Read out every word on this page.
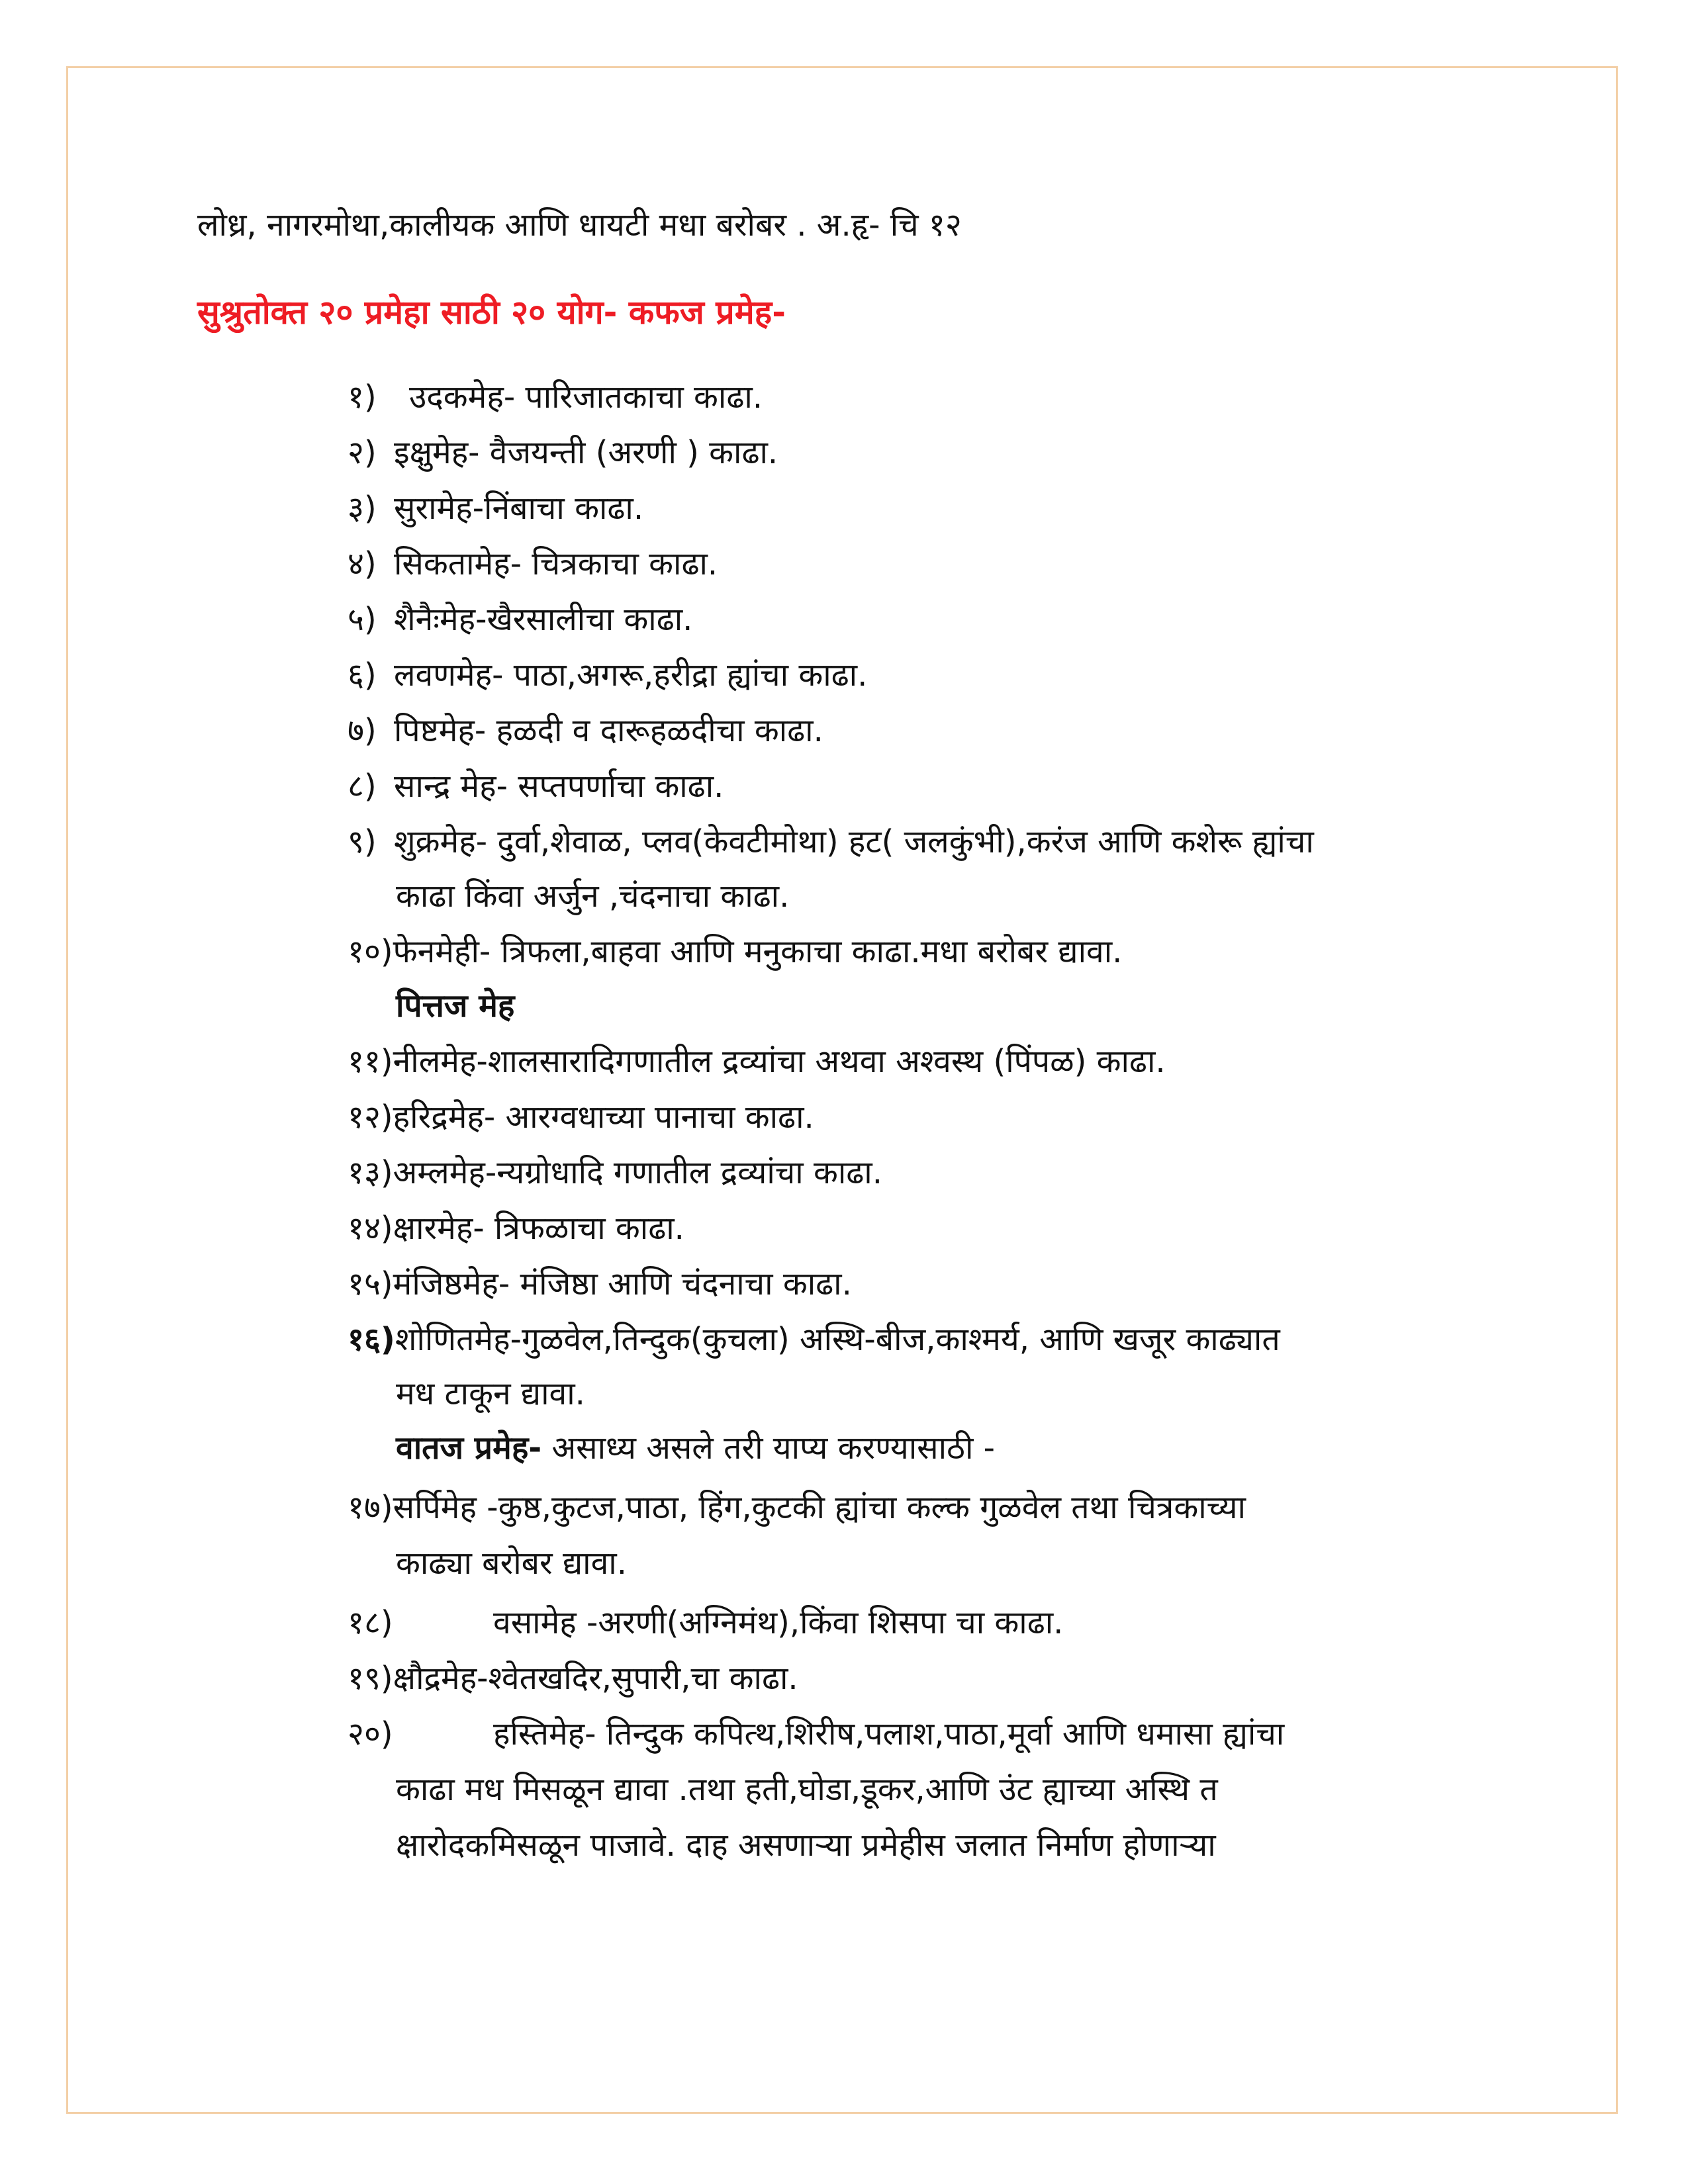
लोध्र, नागरमोथा,कालीयक आणि धायटी मधा बरोबर . अ.हृ- चि १२
सुश्रुतोक्त २० प्रमेहा साठी २० योग- कफज प्रमेह-
१) उदकमेह- पारिजातकाचा काढा.
२) इक्षुमेह- वैजयन्ती (अरणी ) काढा.
३) सुरामेह-निंबाचा काढा.
४) सिकतामेह- चित्रकाचा काढा.
५) शैनैःमेह-खैरसालीचा काढा.
६) लवणमेह- पाठा,अगरू,हरीद्रा ह्यांचा काढा.
७) पिष्टमेह- हळदी व दारूहळदीचा काढा.
८) सान्द्र मेह- सप्तपर्णाचा काढा.
९) शुक्रमेह- दुर्वा,शेवाळ, प्लव(केवटीमोथा) हट( जलकुंभी),करंज आणि कशेरू ह्यांचा
काढा किंवा अर्जुन ,चंदनाचा काढा.
१०)फेनमेही- त्रिफला,बाहवा आणि मनुकाचा काढा.मधा बरोबर द्यावा.
पित्तज मेह
११)नीलमेह-शालसारादिगणातील द्रव्यांचा अथवा अश्वस्थ (पिंपळ) काढा.
१२)हरिद्रमेह- आरग्वधाच्या पानाचा काढा.
१३)अम्लमेह-न्यग्रोधादि गणातील द्रव्यांचा काढा.
१४)क्षारमेह- त्रिफळाचा काढा.
१५)मंजिष्ठमेह- मंजिष्ठा आणि चंदनाचा काढा.
१६)शोणितमेह-गुळवेल,तिन्दुक(कुचला) अस्थि-बीज,काश्मर्य, आणि खजूर काढ्यात
मध टाकून द्यावा.
वातज प्रमेह- असाध्य असले तरी याप्य करण्यासाठी -
१७)सर्पिमेह -कुष्ठ,कुटज,पाठा, हिंग,कुटकी ह्यांचा कल्क गुळवेल तथा चित्रकाच्या
काढ्या बरोबर द्यावा.
१८)	वसामेह -अरणी(अग्निमंथ),किंवा शिसपा चा काढा.
१९)क्षौद्रमेह-श्वेतखदिर,सुपारी,चा काढा.
२०)	हस्तिमेह- तिन्दुक कपित्थ,शिरीष,पलाश,पाठा,मूर्वा आणि धमासा ह्यांचा
काढा मध मिसळून द्यावा .तथा हती,घोडा,डूकर,आणि उंट ह्याच्या अस्थि त
क्षारोदकमिसळून पाजावे. दाह असणाऱ्या प्रमेहीस जलात निर्माण होणाऱ्या
